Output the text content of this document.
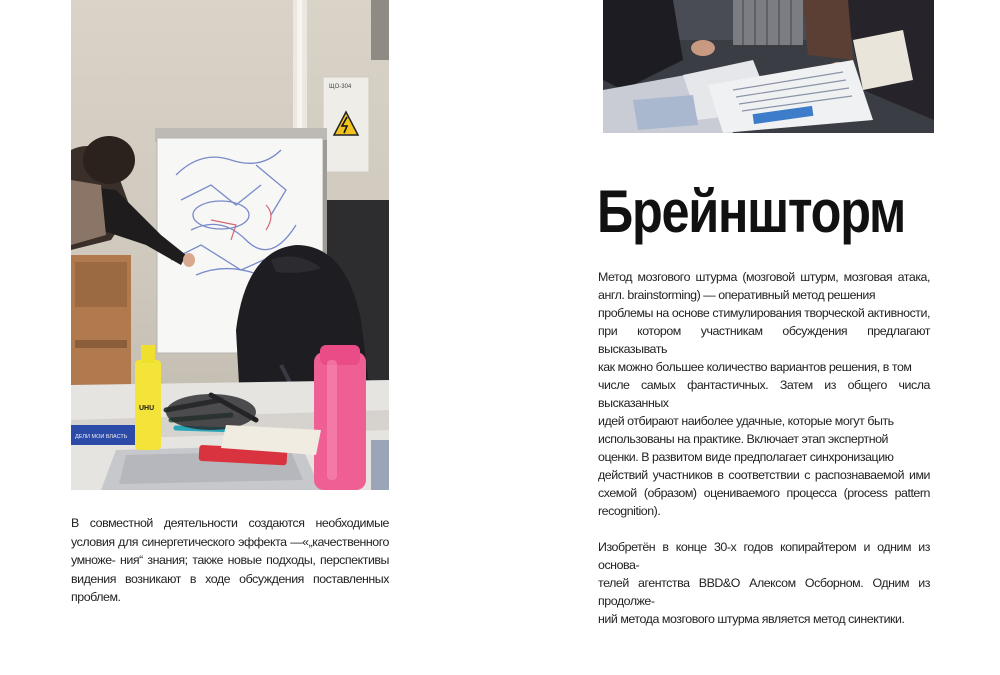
ЩО-304
ДЕЛИ МОИ ВЛАСТЬ
UHU

В совместной деятельности создаются необходимые условия для синергетического эффекта —«„качественного умноже- ния“ знания; также новые подходы, перспективы видения возникают в ходе обсуждения поставленных проблем.

Брейншторм

Метод мозгового штурма (мозговой штурм, мозговая атака,
англ. brainstorming) — оперативный метод решения
проблемы на основе стимулирования творческой активности,
при котором участникам обсуждения предлагают высказывать
как можно большее количество вариантов решения, в том
числе самых фантастичных. Затем из общего числа высказанных
идей отбирают наиболее удачные, которые могут быть
использованы на практике. Включает этап экспертной
оценки. В развитом виде предполагает синхронизацию
действий участников в соответствии с распознаваемой ими
схемой (образом) оцениваемого процесса (process pattern
recognition).

Изобретён в конце 30-х годов копирайтером и одним из основа-
телей агентства BBD&O Алексом Осборном. Одним из продолже-
ний метода мозгового штурма является метод синектики.
